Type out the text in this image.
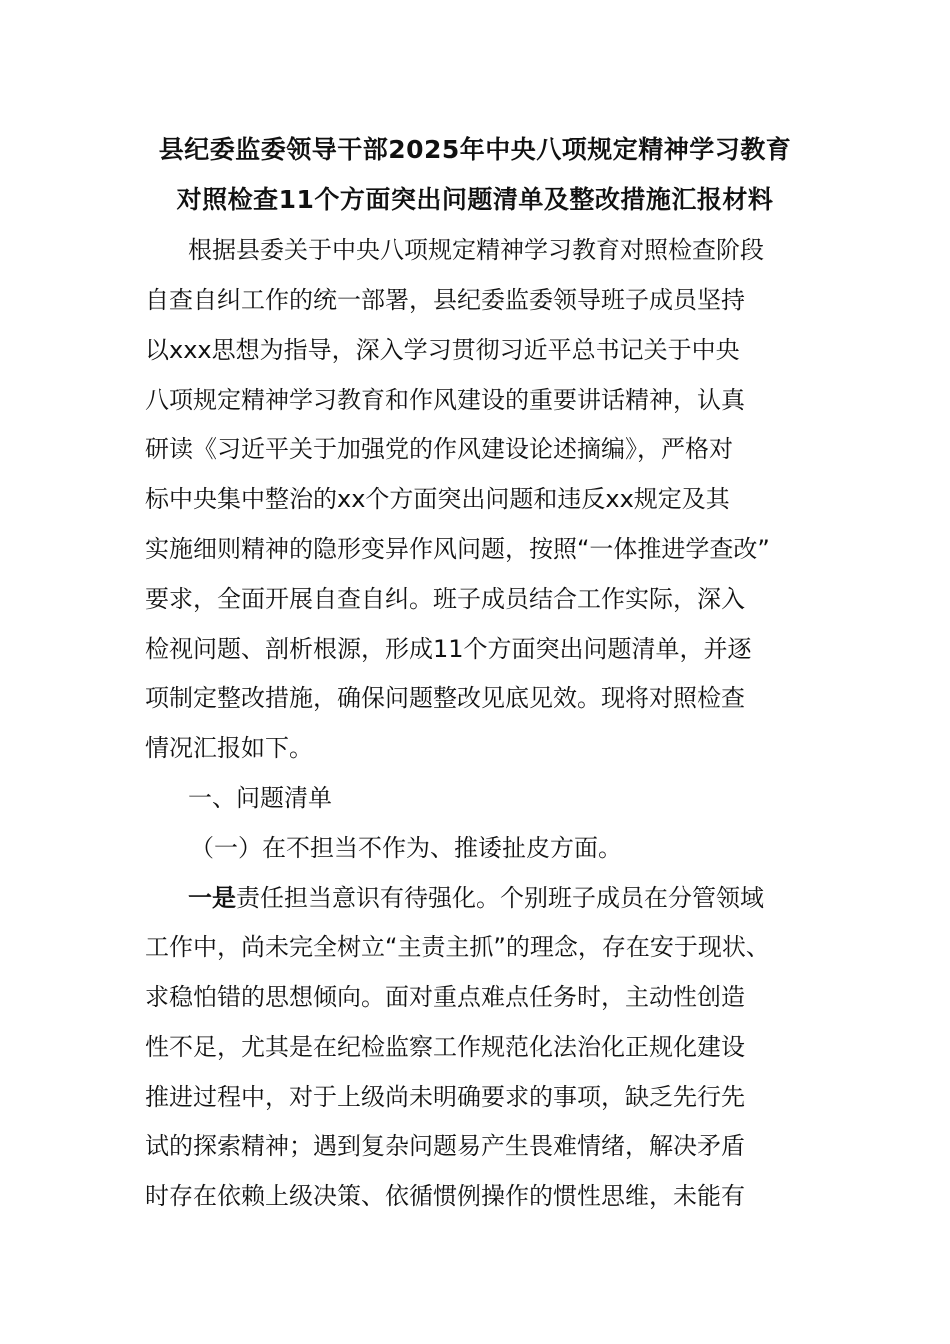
县纪委监委领导干部2025年中央八项规定精神学习教育
对照检查11个方面突出问题清单及整改措施汇报材料
根据县委关于中央八项规定精神学习教育对照检查阶段
自查自纠工作的统一部署，县纪委监委领导班子成员坚持
以xxx思想为指导，深入学习贯彻习近平总书记关于中央
八项规定精神学习教育和作风建设的重要讲话精神，认真
研读《习近平关于加强党的作风建设论述摘编》，严格对
标中央集中整治的xx个方面突出问题和违反xx规定及其
实施细则精神的隐形变异作风问题，按照“一体推进学查改”
要求，全面开展自查自纠。班子成员结合工作实际，深入
检视问题、剖析根源，形成11个方面突出问题清单，并逐
项制定整改措施，确保问题整改见底见效。现将对照检查
情况汇报如下。
一、问题清单
（一）在不担当不作为、推诿扯皮方面。
一是责任担当意识有待强化。个别班子成员在分管领域
工作中，尚未完全树立“主责主抓”的理念，存在安于现状、
求稳怕错的思想倾向。面对重点难点任务时，主动性创造
性不足，尤其是在纪检监察工作规范化法治化正规化建设
推进过程中，对于上级尚未明确要求的事项，缺乏先行先
试的探索精神；遇到复杂问题易产生畏难情绪，解决矛盾
时存在依赖上级决策、依循惯例操作的惯性思维，未能有
